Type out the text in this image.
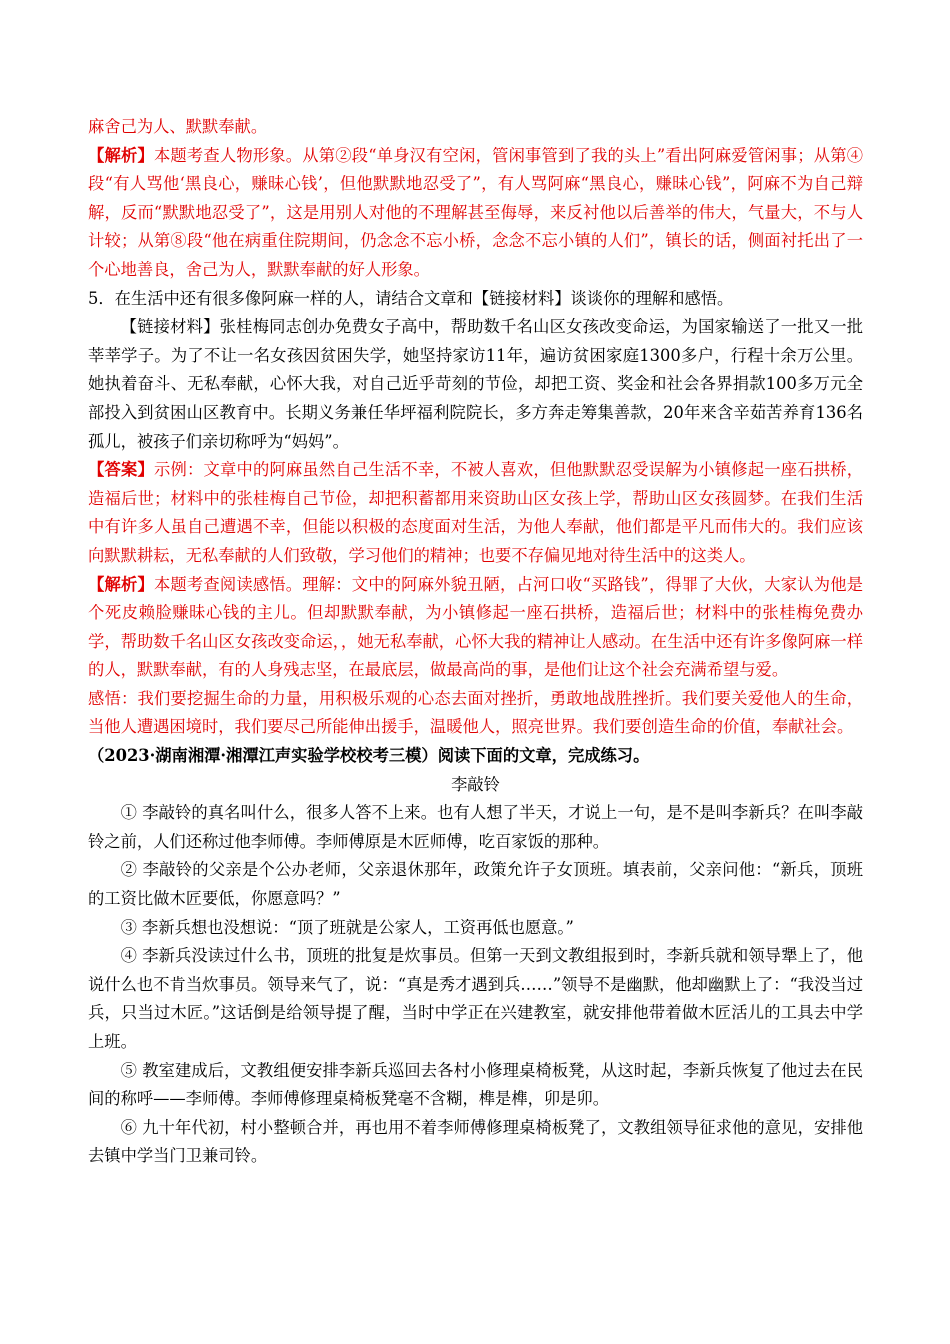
麻舍己为人、默默奉献。

【解析】本题考查人物形象。从第②段“单身汉有空闲，管闲事管到了我的头上”看出阿麻爱管闲事；从第④段“有人骂他‘黑良心，赚昧心钱’，但他默默地忍受了”，有人骂阿麻“黑良心，赚昧心钱”，阿麻不为自己辩解，反而“默默地忍受了”，这是用别人对他的不理解甚至侮辱，来反衬他以后善举的伟大，气量大，不与人计较；从第⑧段“他在病重住院期间，仍念念不忘小桥，念念不忘小镇的人们”，镇长的话，侧面衬托出了一个心地善良，舍己为人，默默奉献的好人形象。

5．在生活中还有很多像阿麻一样的人，请结合文章和【链接材料】谈谈你的理解和感悟。

【链接材料】张桂梅同志创办免费女子高中，帮助数千名山区女孩改变命运，为国家输送了一批又一批莘莘学子。为了不让一名女孩因贫困失学，她坚持家访11年，遍访贫困家庭1300多户，行程十余万公里。她执着奋斗、无私奉献，心怀大我，对自己近乎苛刻的节俭，却把工资、奖金和社会各界捐款100多万元全部投入到贫困山区教育中。长期义务兼任华坪福利院院长，多方奔走筹集善款，20年来含辛茹苦养育136名孤儿，被孩子们亲切称呼为“妈妈”。

【答案】示例：文章中的阿麻虽然自己生活不幸，不被人喜欢，但他默默忍受误解为小镇修起一座石拱桥，造福后世；材料中的张桂梅自己节俭，却把积蓄都用来资助山区女孩上学，帮助山区女孩圆梦。在我们生活中有许多人虽自己遭遇不幸，但能以积极的态度面对生活，为他人奉献，他们都是平凡而伟大的。我们应该向默默耕耘，无私奉献的人们致敬，学习他们的精神；也要不存偏见地对待生活中的这类人。

【解析】本题考查阅读感悟。理解：文中的阿麻外貌丑陋，占河口收“买路钱”，得罪了大伙，大家认为他是个死皮赖脸赚昧心钱的主儿。但却默默奉献，为小镇修起一座石拱桥，造福后世；材料中的张桂梅免费办学，帮助数千名山区女孩改变命运，，她无私奉献，心怀大我的精神让人感动。在生活中还有许多像阿麻一样的人，默默奉献，有的人身残志坚，在最底层，做最高尚的事，是他们让这个社会充满希望与爱。

感悟：我们要挖掘生命的力量，用积极乐观的心态去面对挫折，勇敢地战胜挫折。我们要关爱他人的生命，当他人遭遇困境时，我们要尽己所能伸出援手，温暖他人，照亮世界。我们要创造生命的价值，奉献社会。

（2023·湖南湘潭·湘潭江声实验学校校考三模）阅读下面的文章，完成练习。

李敲铃

① 李敲铃的真名叫什么，很多人答不上来。也有人想了半天，才说上一句，是不是叫李新兵？在叫李敲铃之前，人们还称过他李师傅。李师傅原是木匠师傅，吃百家饭的那种。

② 李敲铃的父亲是个公办老师，父亲退休那年，政策允许子女顶班。填表前，父亲问他：“新兵，顶班的工资比做木匠要低，你愿意吗？”

③ 李新兵想也没想说：“顶了班就是公家人，工资再低也愿意。”

④ 李新兵没读过什么书，顶班的批复是炊事员。但第一天到文教组报到时，李新兵就和领导犟上了，他说什么也不肯当炊事员。领导来气了，说：“真是秀才遇到兵……”领导不是幽默，他却幽默上了：“我没当过兵，只当过木匠。”这话倒是给领导提了醒，当时中学正在兴建教室，就安排他带着做木匠活儿的工具去中学上班。

⑤ 教室建成后，文教组便安排李新兵巡回去各村小修理桌椅板凳，从这时起，李新兵恢复了他过去在民间的称呼——李师傅。李师傅修理桌椅板凳毫不含糊，榫是榫，卯是卯。

⑥ 九十年代初，村小整顿合并，再也用不着李师傅修理桌椅板凳了，文教组领导征求他的意见，安排他去镇中学当门卫兼司铃。
